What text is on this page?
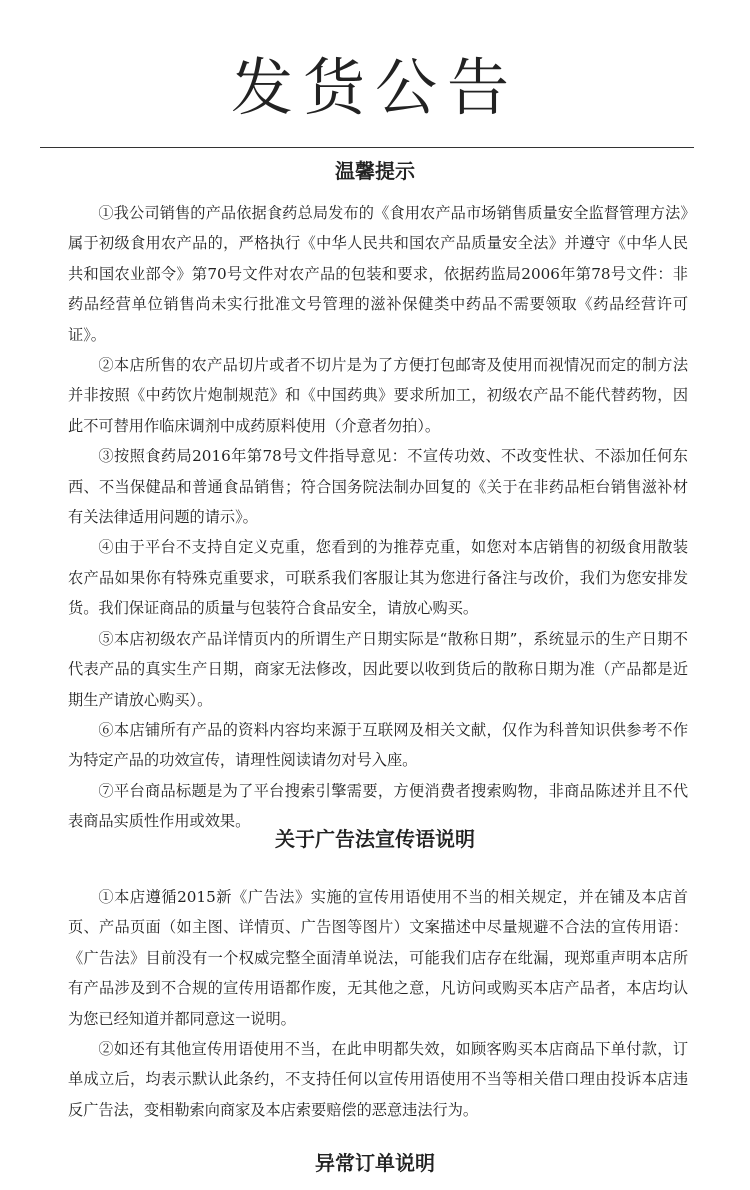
发货公告
温馨提示

①我公司销售的产品依据食药总局发布的《食用农产品市场销售质量安全监督管理方法》属于初级食用农产品的，严格执行《中华人民共和国农产品质量安全法》并遵守《中华人民共和国农业部令》第70号文件对农产品的包装和要求，依据药监局2006年第78号文件：非药品经营单位销售尚未实行批准文号管理的滋补保健类中药品不需要领取《药品经营许可证》。

②本店所售的农产品切片或者不切片是为了方便打包邮寄及使用而视情况而定的制方法并非按照《中药饮片炮制规范》和《中国药典》要求所加工，初级农产品不能代替药物，因此不可替用作临床调剂中成药原料使用（介意者勿拍）。

③按照食药局2016年第78号文件指导意见：不宣传功效、不改变性状、不添加任何东西、不当保健品和普通食品销售；符合国务院法制办回复的《关于在非药品柜台销售滋补材有关法律适用问题的请示》。

④由于平台不支持自定义克重，您看到的为推荐克重，如您对本店销售的初级食用散装农产品如果你有特殊克重要求，可联系我们客服让其为您进行备注与改价，我们为您安排发货。我们保证商品的质量与包装符合食品安全，请放心购买。

⑤本店初级农产品详情页内的所谓生产日期实际是“散称日期”，系统显示的生产日期不代表产品的真实生产日期，商家无法修改，因此要以收到货后的散称日期为准（产品都是近期生产请放心购买）。

⑥本店铺所有产品的资料内容均来源于互联网及相关文献，仅作为科普知识供参考不作为特定产品的功效宣传，请理性阅读请勿对号入座。

⑦平台商品标题是为了平台搜索引擎需要，方便消费者搜索购物，非商品陈述并且不代表商品实质性作用或效果。

关于广告法宣传语说明

①本店遵循2015新《广告法》实施的宣传用语使用不当的相关规定，并在铺及本店首页、产品页面（如主图、详情页、广告图等图片）文案描述中尽量规避不合法的宣传用语：《广告法》目前没有一个权威完整全面清单说法，可能我们店存在纰漏，现郑重声明本店所有产品涉及到不合规的宣传用语都作废，无其他之意，凡访问或购买本店产品者，本店均认为您已经知道并都同意这一说明。

②如还有其他宣传用语使用不当，在此申明都失效，如顾客购买本店商品下单付款，订单成立后，均表示默认此条约，不支持任何以宣传用语使用不当等相关借口理由投诉本店违反广告法，变相勒索向商家及本店索要赔偿的恶意违法行为。

异常订单说明
